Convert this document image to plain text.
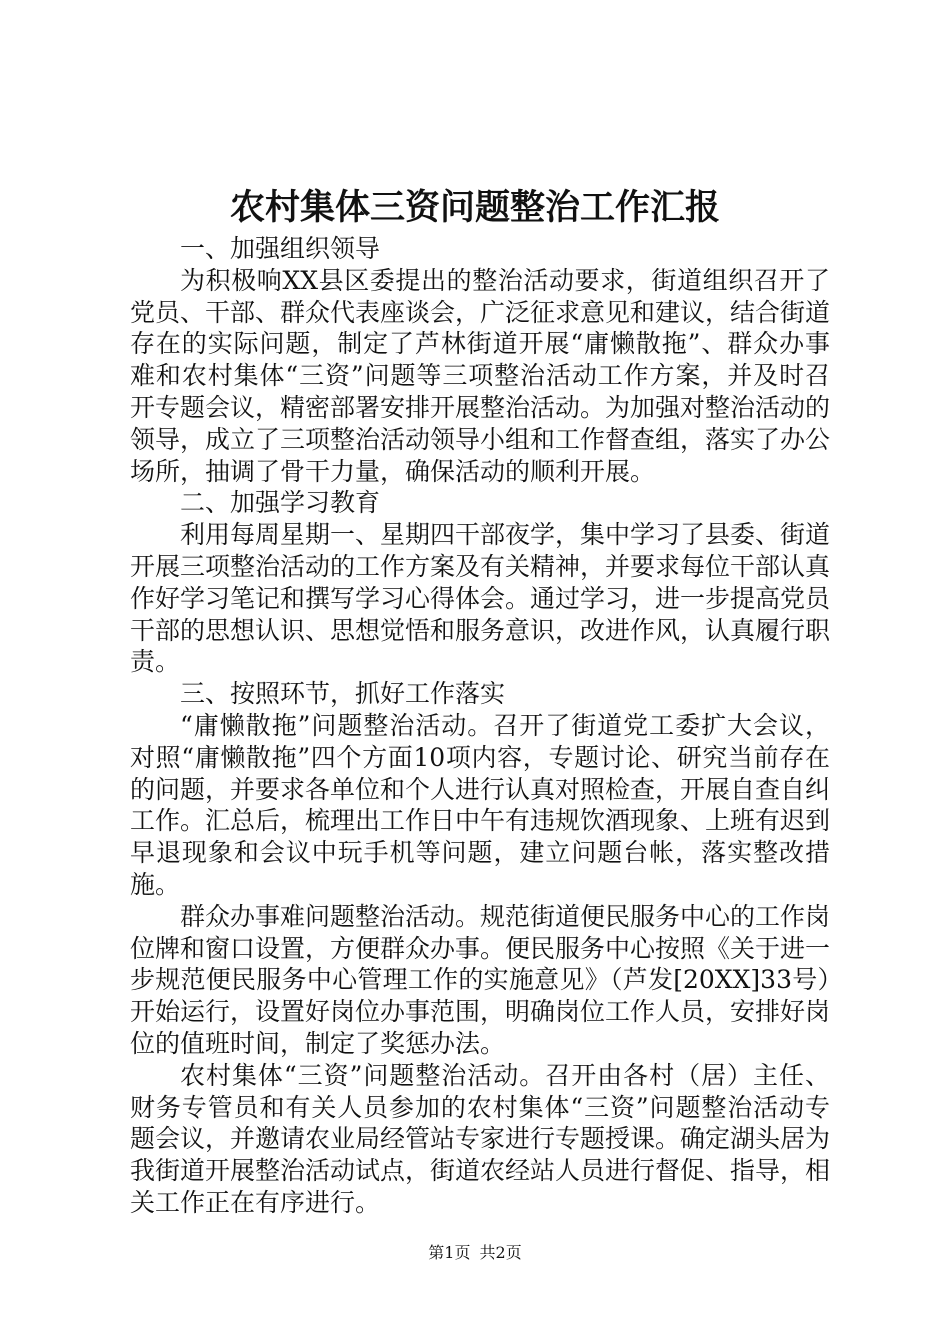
农村集体三资问题整治工作汇报

一、加强组织领导

为积极响XX县区委提出的整治活动要求，街道组织召开了党员、干部、群众代表座谈会，广泛征求意见和建议，结合街道存在的实际问题，制定了芦林街道开展“庸懒散拖”、群众办事难和农村集体“三资”问题等三项整治活动工作方案，并及时召开专题会议，精密部署安排开展整治活动。为加强对整治活动的领导，成立了三项整治活动领导小组和工作督查组，落实了办公场所，抽调了骨干力量，确保活动的顺利开展。

二、加强学习教育

利用每周星期一、星期四干部夜学，集中学习了县委、街道开展三项整治活动的工作方案及有关精神，并要求每位干部认真作好学习笔记和撰写学习心得体会。通过学习，进一步提高党员干部的思想认识、思想觉悟和服务意识，改进作风，认真履行职责。

三、按照环节，抓好工作落实

“庸懒散拖”问题整治活动。召开了街道党工委扩大会议，对照“庸懒散拖”四个方面10项内容，专题讨论、研究当前存在的问题，并要求各单位和个人进行认真对照检查，开展自查自纠工作。汇总后，梳理出工作日中午有违规饮酒现象、上班有迟到早退现象和会议中玩手机等问题，建立问题台帐，落实整改措施。

群众办事难问题整治活动。规范街道便民服务中心的工作岗位牌和窗口设置，方便群众办事。便民服务中心按照《关于进一步规范便民服务中心管理工作的实施意见》（芦发[20XX]33号）开始运行，设置好岗位办事范围，明确岗位工作人员，安排好岗位的值班时间，制定了奖惩办法。

农村集体“三资”问题整治活动。召开由各村（居）主任、财务专管员和有关人员参加的农村集体“三资”问题整治活动专题会议，并邀请农业局经管站专家进行专题授课。确定湖头居为我街道开展整治活动试点，街道农经站人员进行督促、指导，相关工作正在有序进行。

第1页 共2页
